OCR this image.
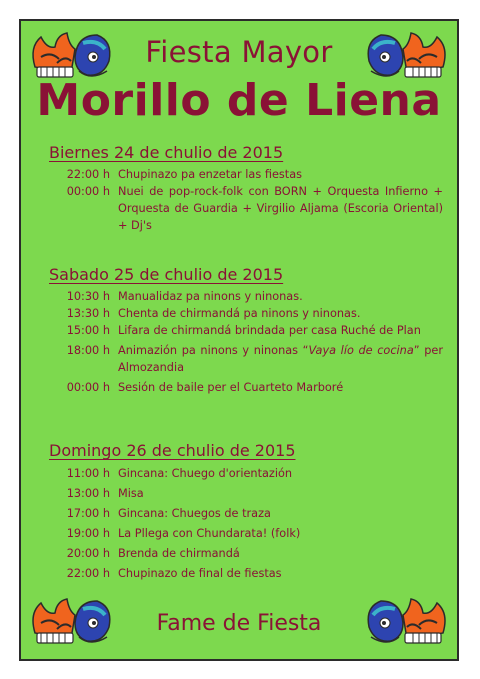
Fiesta Mayor
Morillo de Liena
Biernes 24 de chulio de 2015
22:00 h Chupinazo pa enzetar las fiestas
00:00 h Nuei de pop-rock-folk con BORN + Orquesta Infierno + Orquesta de Guardia + Virgilio Aljama (Escoria Oriental) + Dj's
Sabado 25 de chulio de 2015
10:30 h Manualidaz pa ninons y ninonas.
13:30 h Chenta de chirmandá pa ninons y ninonas.
15:00 h Lifara de chirmandá brindada per casa Ruché de Plan
18:00 h Animazión pa ninons y ninonas “Vaya lío de cocina” per Almozandia
00:00 h Sesión de baile per el Cuarteto Marboré
Domingo 26 de chulio de 2015
11:00 h Gincana: Chuego d'orientazión
13:00 h Misa
17:00 h Gincana: Chuegos de traza
19:00 h La Pllega con Chundarata! (folk)
20:00 h Brenda de chirmandá
22:00 h Chupinazo de final de fiestas
Fame de Fiesta
